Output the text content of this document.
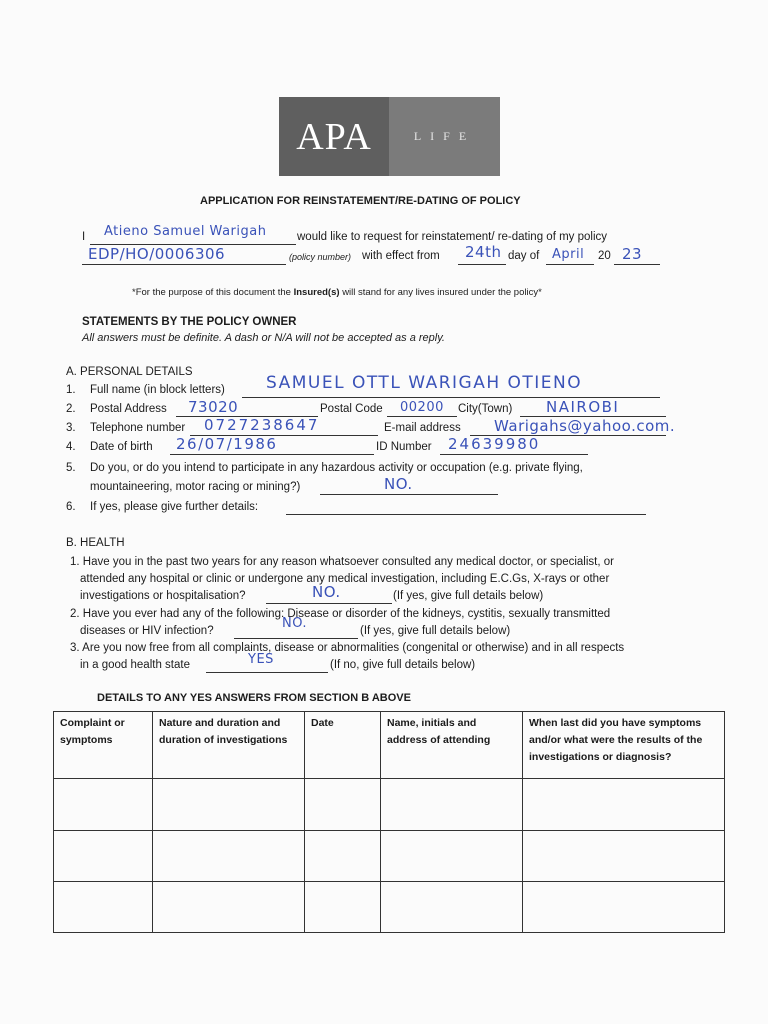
APA	LIFE
APPLICATION FOR REINSTATEMENT/RE-DATING OF POLICY
I Atieno Samuel Warigah	would like to request for reinstatement/ re-dating of my policy
EDP/HO/0006306	(policy number) with effect from 24th day of April 20 23
*For the purpose of this document the Insured(s) will stand for any lives insured under the policy*
STATEMENTS BY THE POLICY OWNER
All answers must be definite. A dash or N/A will not be accepted as a reply.
A. PERSONAL DETAILS
1. Full name (in block letters) SAMUEL OTTL WARIGAH OTIENO
2. Postal Address 73020	Postal Code 00200 City(Town) NAIROBI
3. Telephone number 0727238647	E-mail address Warigahs@yahoo.com.
4. Date of birth 26/07/1986	ID Number 24639980
5. Do you, or do you intend to participate in any hazardous activity or occupation (e.g. private flying,
mountaineering, motor racing or mining?)	NO.
6. If yes, please give further details:
B. HEALTH
1. Have you in the past two years for any reason whatsoever consulted any medical doctor, or specialist, or
attended any hospital or clinic or undergone any medical investigation, including E.C.Gs, X-rays or other
investigations or hospitalisation?	NO.	(If yes, give full details below)
2. Have you ever had any of the following: Disease or disorder of the kidneys, cystitis, sexually transmitted
diseases or HIV infection?	NO.	(If yes, give full details below)
3. Are you now free from all complaints, disease or abnormalities (congenital or otherwise) and in all respects
in a good health state	YES	(If no, give full details below)
DETAILS TO ANY YES ANSWERS FROM SECTION B ABOVE
Complaint or symptoms	Nature and duration and duration of investigations	Date	Name, initials and address of attending	When last did you have symptoms and/or what were the results of the investigations or diagnosis?
